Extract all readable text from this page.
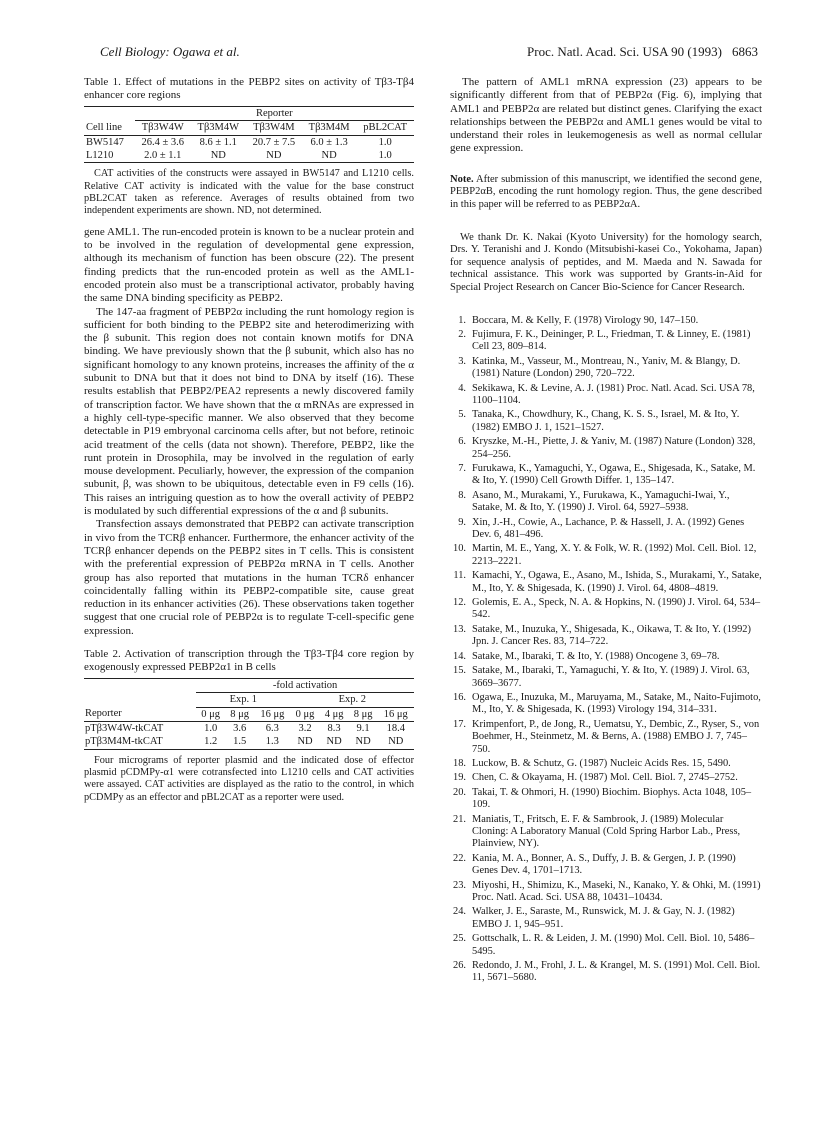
Cell Biology: Ogawa et al.	Proc. Natl. Acad. Sci. USA 90 (1993) 6863

Table 1. Effect of mutations in the PEBP2 sites on activity of Tβ3-Tβ4 enhancer core regions

	Reporter				
Cell line	Tβ3W4W	Tβ3M4W	Tβ3W4M	Tβ3M4M	pBL2CAT
BW5147	26.4 ± 3.6	8.6 ± 1.1	20.7 ± 7.5	6.0 ± 1.3	1.0
L1210	2.0 ± 1.1	ND	ND	ND	1.0

CAT activities of the constructs were assayed in BW5147 and L1210 cells. Relative CAT activity is indicated with the value for the base construct pBL2CAT taken as reference. Averages of results obtained from two independent experiments are shown. ND, not determined.

gene AML1. The run-encoded protein is known to be a nuclear protein and to be involved in the regulation of developmental gene expression, although its mechanism of function has been obscure (22). The present finding predicts that the run-encoded protein as well as the AML1-encoded protein also must be a transcriptional activator, probably having the same DNA binding specificity as PEBP2.

The 147-aa fragment of PEBP2α including the runt homology region is sufficient for both binding to the PEBP2 site and heterodimerizing with the β subunit. This region does not contain known motifs for DNA binding. We have previously shown that the β subunit, which also has no significant homology to any known proteins, increases the affinity of the α subunit to DNA but that it does not bind to DNA by itself (16). These results establish that PEBP2/PEA2 represents a newly discovered family of transcription factor. We have shown that the α mRNAs are expressed in a highly cell-type-specific manner. We also observed that they become detectable in P19 embryonal carcinoma cells after, but not before, retinoic acid treatment of the cells (data not shown). Therefore, PEBP2, like the runt protein in Drosophila, may be involved in the regulation of early mouse development. Peculiarly, however, the expression of the companion subunit, β, was shown to be ubiquitous, detectable even in F9 cells (16). This raises an intriguing question as to how the overall activity of PEBP2 is modulated by such differential expressions of the α and β subunits.

Transfection assays demonstrated that PEBP2 can activate transcription in vivo from the TCRβ enhancer. Furthermore, the enhancer activity of the TCRβ enhancer depends on the PEBP2 sites in T cells. This is consistent with the preferential expression of PEBP2α mRNA in T cells. Another group has also reported that mutations in the human TCRδ enhancer coincidentally falling within its PEBP2-compatible site, cause great reduction in its enhancer activities (26). These observations taken together suggest that one crucial role of PEBP2α is to regulate T-cell-specific gene expression.

Table 2. Activation of transcription through the Tβ3-Tβ4 core region by exogenously expressed PEBP2α1 in B cells

	-fold activation						
	Exp. 1			Exp. 2			
Reporter	0 μg	8 μg	16 μg	0 μg	4 μg	8 μg	16 μg
pTβ3W4W-tkCAT	1.0	3.6	6.3	3.2	8.3	9.1	18.4
pTβ3M4M-tkCAT	1.2	1.5	1.3	ND	ND	ND	ND

Four micrograms of reporter plasmid and the indicated dose of effector plasmid pCDMPy-α1 were cotransfected into L1210 cells and CAT activities were assayed. CAT activities are displayed as the ratio to the control, in which pCDMPy as an effector and pBL2CAT as a reporter were used.

The pattern of AML1 mRNA expression (23) appears to be significantly different from that of PEBP2α (Fig. 6), implying that AML1 and PEBP2α are related but distinct genes. Clarifying the exact relationships between the PEBP2α and AML1 genes would be vital to understand their roles in leukemogenesis as well as normal cellular gene expression.

Note. After submission of this manuscript, we identified the second gene, PEBP2αB, encoding the runt homology region. Thus, the gene described in this paper will be referred to as PEBP2αA.

We thank Dr. K. Nakai (Kyoto University) for the homology search, Drs. Y. Teranishi and J. Kondo (Mitsubishi-kasei Co., Yokohama, Japan) for sequence analysis of peptides, and M. Maeda and N. Sawada for technical assistance. This work was supported by Grants-in-Aid for Special Project Research on Cancer Bio-Science for Cancer Research.

1. Boccara, M. & Kelly, F. (1978) Virology 90, 147–150.
2. Fujimura, F. K., Deininger, P. L., Friedman, T. & Linney, E. (1981) Cell 23, 809–814.
3. Katinka, M., Vasseur, M., Montreau, N., Yaniv, M. & Blangy, D. (1981) Nature (London) 290, 720–722.
4. Sekikawa, K. & Levine, A. J. (1981) Proc. Natl. Acad. Sci. USA 78, 1100–1104.
5. Tanaka, K., Chowdhury, K., Chang, K. S. S., Israel, M. & Ito, Y. (1982) EMBO J. 1, 1521–1527.
6. Kryszke, M.-H., Piette, J. & Yaniv, M. (1987) Nature (London) 328, 254–256.
7. Furukawa, K., Yamaguchi, Y., Ogawa, E., Shigesada, K., Satake, M. & Ito, Y. (1990) Cell Growth Differ. 1, 135–147.
8. Asano, M., Murakami, Y., Furukawa, K., Yamaguchi-Iwai, Y., Satake, M. & Ito, Y. (1990) J. Virol. 64, 5927–5938.
9. Xin, J.-H., Cowie, A., Lachance, P. & Hassell, J. A. (1992) Genes Dev. 6, 481–496.
10. Martin, M. E., Yang, X. Y. & Folk, W. R. (1992) Mol. Cell. Biol. 12, 2213–2221.
11. Kamachi, Y., Ogawa, E., Asano, M., Ishida, S., Murakami, Y., Satake, M., Ito, Y. & Shigesada, K. (1990) J. Virol. 64, 4808–4819.
12. Golemis, E. A., Speck, N. A. & Hopkins, N. (1990) J. Virol. 64, 534–542.
13. Satake, M., Inuzuka, Y., Shigesada, K., Oikawa, T. & Ito, Y. (1992) Jpn. J. Cancer Res. 83, 714–722.
14. Satake, M., Ibaraki, T. & Ito, Y. (1988) Oncogene 3, 69–78.
15. Satake, M., Ibaraki, T., Yamaguchi, Y. & Ito, Y. (1989) J. Virol. 63, 3669–3677.
16. Ogawa, E., Inuzuka, M., Maruyama, M., Satake, M., Naito-Fujimoto, M., Ito, Y. & Shigesada, K. (1993) Virology 194, 314–331.
17. Krimpenfort, P., de Jong, R., Uematsu, Y., Dembic, Z., Ryser, S., von Boehmer, H., Steinmetz, M. & Berns, A. (1988) EMBO J. 7, 745–750.
18. Luckow, B. & Schutz, G. (1987) Nucleic Acids Res. 15, 5490.
19. Chen, C. & Okayama, H. (1987) Mol. Cell. Biol. 7, 2745–2752.
20. Takai, T. & Ohmori, H. (1990) Biochim. Biophys. Acta 1048, 105–109.
21. Maniatis, T., Fritsch, E. F. & Sambrook, J. (1989) Molecular Cloning: A Laboratory Manual (Cold Spring Harbor Lab., Press, Plainview, NY).
22. Kania, M. A., Bonner, A. S., Duffy, J. B. & Gergen, J. P. (1990) Genes Dev. 4, 1701–1713.
23. Miyoshi, H., Shimizu, K., Maseki, N., Kanako, Y. & Ohki, M. (1991) Proc. Natl. Acad. Sci. USA 88, 10431–10434.
24. Walker, J. E., Saraste, M., Runswick, M. J. & Gay, N. J. (1982) EMBO J. 1, 945–951.
25. Gottschalk, L. R. & Leiden, J. M. (1990) Mol. Cell. Biol. 10, 5486–5495.
26. Redondo, J. M., Frohl, J. L. & Krangel, M. S. (1991) Mol. Cell. Biol. 11, 5671–5680.
